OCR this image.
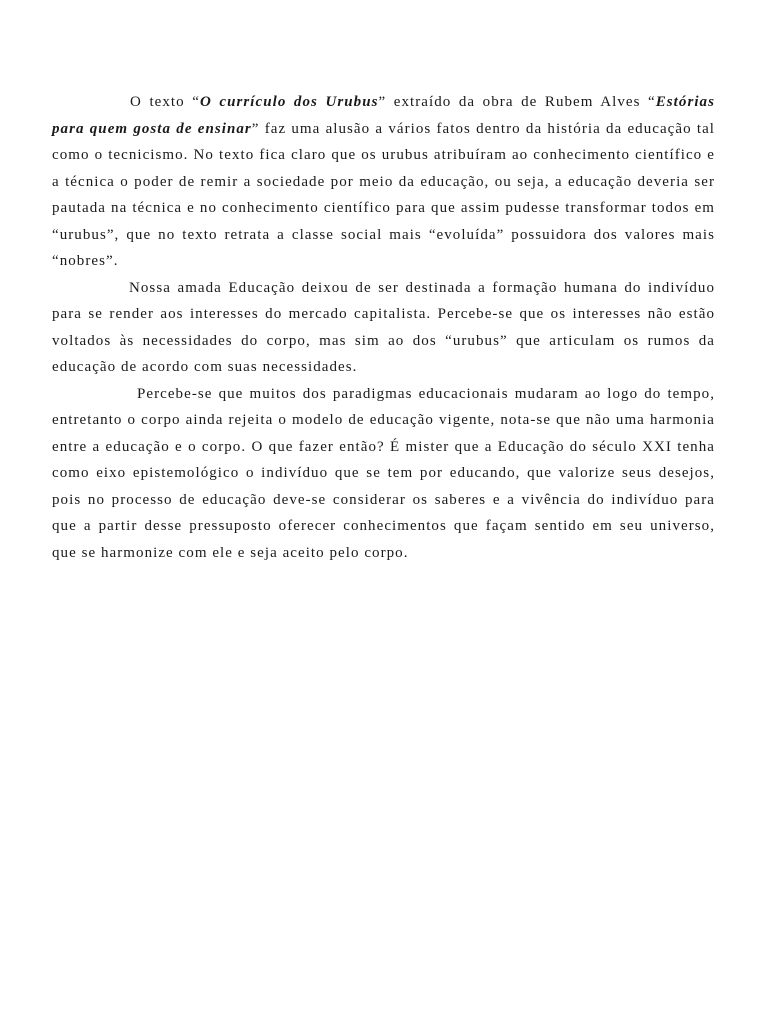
O texto “O currículo dos Urubus” extraído da obra de Rubem Alves “Estórias para quem gosta de ensinar” faz uma alusão a vários fatos dentro da história da educação tal como o tecnicismo. No texto fica claro que os urubus atribuíram ao conhecimento científico e a técnica o poder de remir a sociedade por meio da educação, ou seja, a educação deveria ser pautada na técnica e no conhecimento científico para que assim pudesse transformar todos em “urubus”, que no texto retrata a classe social mais “evoluída” possuidora dos valores mais “nobres”.

Nossa amada Educação deixou de ser destinada a formação humana do indivíduo para se render aos interesses do mercado capitalista. Percebe-se que os interesses não estão voltados às necessidades do corpo, mas sim ao dos “urubus” que articulam os rumos da educação de acordo com suas necessidades.

Percebe-se que muitos dos paradigmas educacionais mudaram ao logo do tempo, entretanto o corpo ainda rejeita o modelo de educação vigente, nota-se que não uma harmonia entre a educação e o corpo. O que fazer então? É mister que a Educação do século XXI tenha como eixo epistemológico o indivíduo que se tem por educando, que valorize seus desejos, pois no processo de educação deve-se considerar os saberes e a vivência do indivíduo para que a partir desse pressuposto oferecer conhecimentos que façam sentido em seu universo, que se harmonize com ele e seja aceito pelo corpo.
